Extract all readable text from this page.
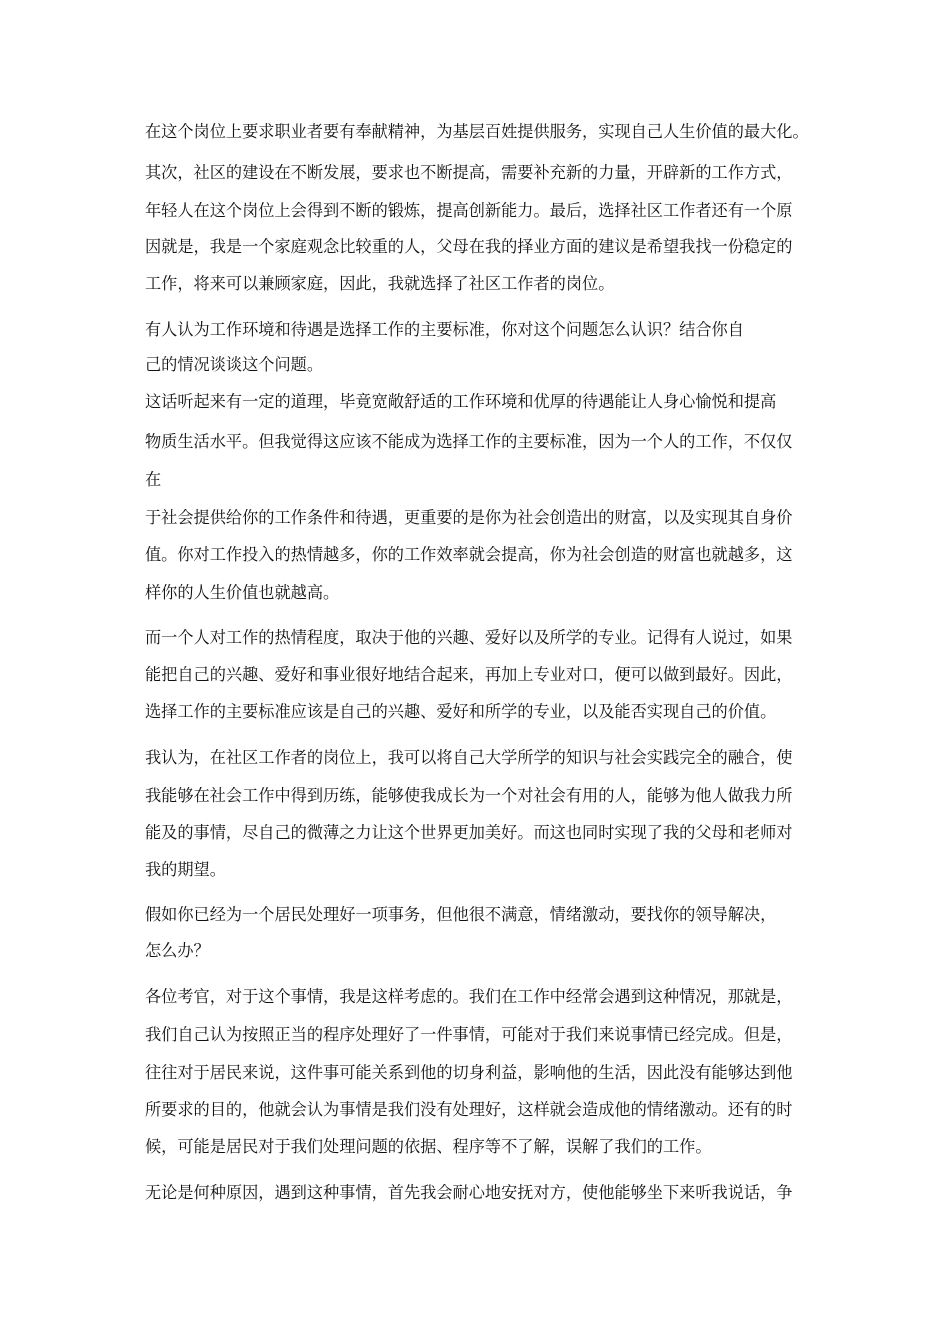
在这个岗位上要求职业者要有奉献精神，为基层百姓提供服务，实现自己人生价值的最大化。
其次，社区的建设在不断发展，要求也不断提高，需要补充新的力量，开辟新的工作方式，
年轻人在这个岗位上会得到不断的锻炼，提高创新能力。最后，选择社区工作者还有一个原
因就是，我是一个家庭观念比较重的人，父母在我的择业方面的建议是希望我找一份稳定的
工作，将来可以兼顾家庭，因此，我就选择了社区工作者的岗位。
有人认为工作环境和待遇是选择工作的主要标准，你对这个问题怎么认识？结合你自
己的情况谈谈这个问题。
这话听起来有一定的道理，毕竟宽敞舒适的工作环境和优厚的待遇能让人身心愉悦和提高
物质生活水平。但我觉得这应该不能成为选择工作的主要标准，因为一个人的工作，不仅仅
在
于社会提供给你的工作条件和待遇，更重要的是你为社会创造出的财富，以及实现其自身价
值。你对工作投入的热情越多，你的工作效率就会提高，你为社会创造的财富也就越多，这
样你的人生价值也就越高。
而一个人对工作的热情程度，取决于他的兴趣、爱好以及所学的专业。记得有人说过，如果
能把自己的兴趣、爱好和事业很好地结合起来，再加上专业对口，便可以做到最好。因此，
选择工作的主要标准应该是自己的兴趣、爱好和所学的专业，以及能否实现自己的价值。
我认为，在社区工作者的岗位上，我可以将自己大学所学的知识与社会实践完全的融合，使
我能够在社会工作中得到历练，能够使我成长为一个对社会有用的人，能够为他人做我力所
能及的事情，尽自己的微薄之力让这个世界更加美好。而这也同时实现了我的父母和老师对
我的期望。
假如你已经为一个居民处理好一项事务，但他很不满意，情绪激动，要找你的领导解决，
怎么办？
各位考官，对于这个事情，我是这样考虑的。我们在工作中经常会遇到这种情况，那就是，
我们自己认为按照正当的程序处理好了一件事情，可能对于我们来说事情已经完成。但是，
往往对于居民来说，这件事可能关系到他的切身利益，影响他的生活，因此没有能够达到他
所要求的目的，他就会认为事情是我们没有处理好，这样就会造成他的情绪激动。还有的时
候，可能是居民对于我们处理问题的依据、程序等不了解，误解了我们的工作。
无论是何种原因，遇到这种事情，首先我会耐心地安抚对方，使他能够坐下来听我说话，争
